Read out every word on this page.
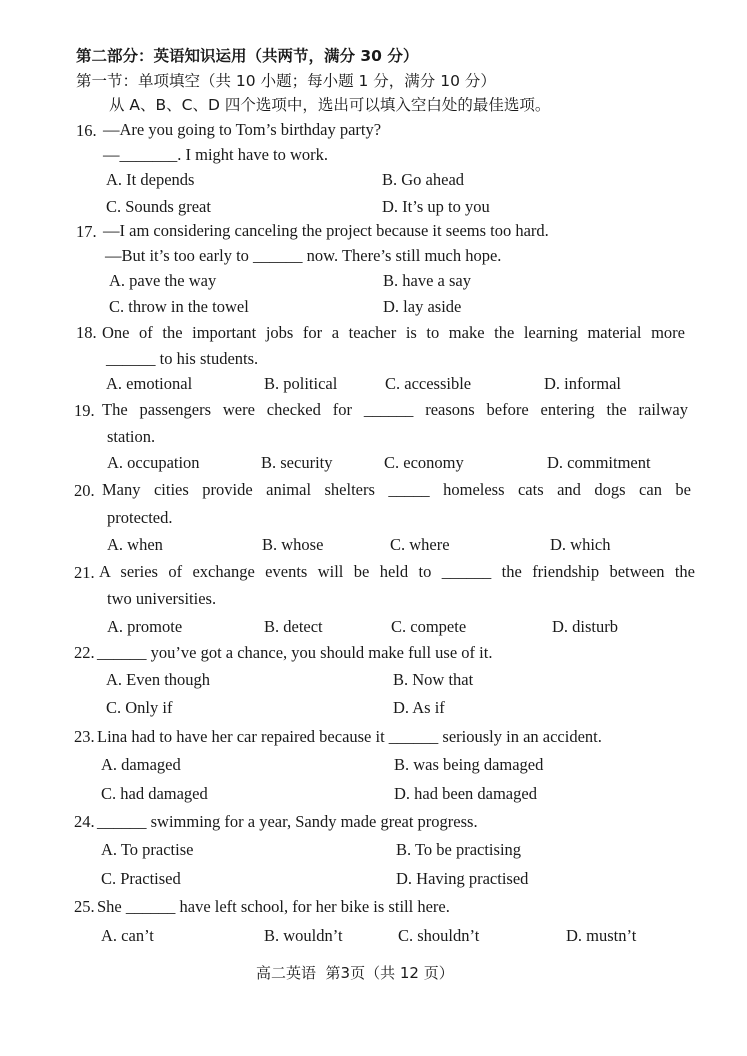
第二部分：英语知识运用（共两节，满分 30 分）
第一节：单项填空（共 10 小题；每小题 1 分，满分 10 分）
从 A、B、C、D 四个选项中，选出可以填入空白处的最佳选项。
16. —Are you going to Tom’s birthday party?
—_______. I might have to work.
A. It depends	B. Go ahead
C. Sounds great	D. It’s up to you
17. —I am considering canceling the project because it seems too hard.
—But it’s too early to ______ now. There’s still much hope.
A. pave the way	B. have a say
C. throw in the towel	D. lay aside
18. One of the important jobs for a teacher is to make the learning material more
______ to his students.
A. emotional	B. political	C. accessible	D. informal
19. The passengers were checked for ______ reasons before entering the railway
station.
A. occupation	B. security	C. economy	D. commitment
20. Many cities provide animal shelters _____ homeless cats and dogs can be
protected.
A. when	B. whose	C. where	D. which
21. A series of exchange events will be held to ______ the friendship between the
two universities.
A. promote	B. detect	C. compete	D. disturb
22. ______ you’ve got a chance, you should make full use of it.
A. Even though	B. Now that
C. Only if	D. As if
23. Lina had to have her car repaired because it ______ seriously in an accident.
A. damaged	B. was being damaged
C. had damaged	D. had been damaged
24. ______ swimming for a year, Sandy made great progress.
A. To practise	B. To be practising
C. Practised	D. Having practised
25. She ______ have left school, for her bike is still here.
A. can’t	B. wouldn’t	C. shouldn’t	D. mustn’t
高二英语  第3页（共 12 页）
